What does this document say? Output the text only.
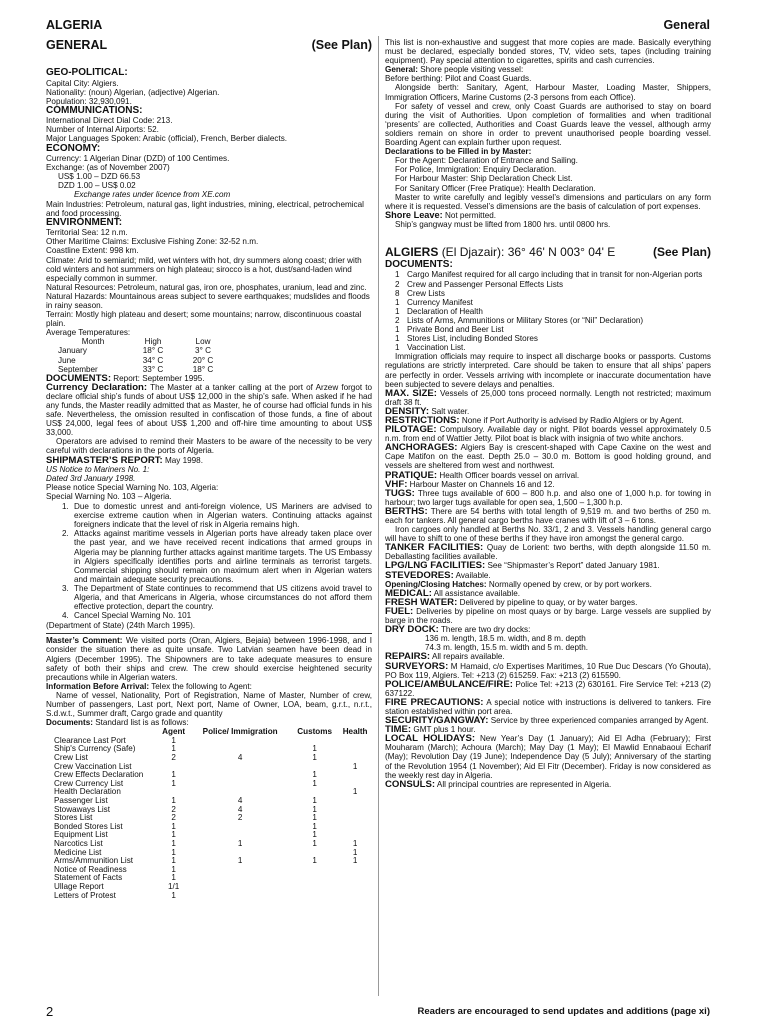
ALGERIA	General
GENERAL	(See Plan)
GEO-POLITICAL:

Capital City: Algiers.

Nationality: (noun) Algerian, (adjective) Algerian.

Population: 32,930,091.

COMMUNICATIONS:

International Direct Dial Code: 213.

Number of Internal Airports: 52.

Major Languages Spoken: Arabic (official), French, Berber dialects.

ECONOMY:

Currency: 1 Algerian Dinar (DZD) of 100 Centimes.

Exchange: (as of November 2007)

US$ 1.00 – DZD 66.53

DZD 1.00 – US$ 0.02

Exchange rates under licence from XE.com

Main Industries: Petroleum, natural gas, light industries, mining, electrical, petrochemical and food processing.

ENVIRONMENT:

Territorial Sea: 12 n.m.

Other Maritime Claims: Exclusive Fishing Zone: 32-52 n.m.

Coastline Extent: 998 km.

Climate: Arid to semiarid; mild, wet winters with hot, dry summers along coast; drier with cold winters and hot summers on high plateau; sirocco is a hot, dust/sand-laden wind especially common in summer.

Natural Resources: Petroleum, natural gas, iron ore, phosphates, uranium, lead and zinc.

Natural Hazards: Mountainous areas subject to severe earthquakes; mudslides and floods in rainy season.

Terrain: Mostly high plateau and desert; some mountains; narrow, discontinuous coastal plain.

Average Temperatures:

Month	High	Low
January	18° C	3° C
June	34° C	20° C
September	33° C	18° C

DOCUMENTS: Report: September 1995.

Currency Declaration: The Master at a tanker calling at the port of Arzew forgot to declare official ship’s funds of about US$ 12,000 in the ship’s safe. When asked if he had any funds, the Master readily admitted that as Master, he of course had official funds in his safe. Nevertheless, the omission resulted in confiscation of those funds, a fine of about US$ 24,000, legal fees of about US$ 1,200 and off-hire time amounting to about US$ 33,000.

Operators are advised to remind their Masters to be aware of the necessity to be very careful with declarations in the ports of Algeria.

SHIPMASTER’S REPORT: May 1998.

US Notice to Mariners No. 1:

Dated 3rd January 1998.

Please notice Special Warning No. 103, Algeria:

Special Warning No. 103 – Algeria.

1. Due to domestic unrest and anti-foreign violence, US Mariners are advised to exercise extreme caution when in Algerian waters. Continuing attacks against foreigners indicate that the level of risk in Algeria remains high.
2. Attacks against maritime vessels in Algerian ports have already taken place over the past year, and we have received recent indications that armed groups in Algeria may be planning further attacks against maritime targets. The US Embassy in Algiers specifically identifies ports and airline terminals as terrorist targets. Commercial shipping should remain on maximum alert when in Algerian waters and maintain adequate security precautions.
3. The Department of State continues to recommend that US citizens avoid travel to Algeria, and that Americans in Algeria, whose circumstances do not afford them effective protection, depart the country.
4. Cancel Special Warning No. 101

(Department of State) (24th March 1995).

Master’s Comment: We visited ports (Oran, Algiers, Bejaia) between 1996-1998, and I consider the situation there as quite unsafe. Two Latvian seamen have been dead in Algiers (December 1995). The Shipowners are to take adequate measures to ensure safety of both their ships and crew. The crew should exercise heightened security precautions while in Algerian waters.

Information Before Arrival: Telex the following to Agent:

Name of vessel, Nationality, Port of Registration, Name of Master, Number of crew, Number of passengers, Last port, Next port, Name of Owner, LOA, beam, g.r.t., n.r.t., S.d.w.t., Summer draft, Cargo grade and quantity

Documents: Standard list is as follows:

	Agent	Police/ Immigration	Customs	Health
Clearance Last Port	1			
Ship's Currency (Safe)	1		1	
Crew List	2	4	1	
Crew Vaccination List				1
Crew Effects Declaration	1		1	
Crew Currency List	1		1	
Health Declaration				1
Passenger List	1	4	1	
Stowaways List	2	4	1	
Stores List	2	2	1	
Bonded Stores List	1		1	
Equipment List	1		1	
Narcotics List	1	1	1	1
Medicine List	1			1
Arms/Ammunition List	1	1	1	1
Notice of Readiness	1			
Statement of Facts	1			
Ullage Report	1/1			
Letters of Protest	1			

This list is non-exhaustive and suggest that more copies are made. Basically everything must be declared, especially bonded stores, TV, video sets, tapes (including training equipment). Pay special attention to cigarettes, spirits and cash currencies.

General: Shore people visiting vessel:

Before berthing: Pilot and Coast Guards.

Alongside berth: Sanitary, Agent, Harbour Master, Loading Master, Shippers, Immigration Officers, Marine Customs (2-3 persons from each Office).

For safety of vessel and crew, only Coast Guards are authorised to stay on board during the visit of Authorities. Upon completion of formalities and when traditional ‘presents’ are collected, Authorities and Coast Guards leave the vessel, although army soldiers remain on shore in order to prevent unauthorised people boarding vessel. Boarding Agent can explain further upon request.

Declarations to be Filled in by Master:

For the Agent: Declaration of Entrance and Sailing.

For Police, Immigration: Enquiry Declaration.

For Harbour Master: Ship Declaration Check List.

For Sanitary Officer (Free Pratique): Health Declaration.

Master to write carefully and legibly vessel’s dimensions and particulars on any form where it is requested. Vessel’s dimensions are the basis of calculation of port expenses.

Shore Leave: Not permitted.

Ship’s gangway must be lifted from 1800 hrs. until 0800 hrs.

ALGIERS (El Djazair): 36° 46' N 003° 04' E	(See Plan)
DOCUMENTS:
1 Cargo Manifest required for all cargo including that in transit for non-Algerian ports
2 Crew and Passenger Personal Effects Lists
8 Crew Lists
1 Currency Manifest
1 Declaration of Health
2 Lists of Arms, Ammunitions or Military Stores (or “Nil” Declaration)
1 Private Bond and Beer List
1 Stores List, including Bonded Stores
1 Vaccination List.

Immigration officials may require to inspect all discharge books or passports. Customs regulations are strictly interpreted. Care should be taken to ensure that all ships’ papers are perfectly in order. Vessels arriving with incomplete or inaccurate documentation have been subjected to severe delays and penalties.

MAX. SIZE: Vessels of 25,000 tons proceed normally. Length not restricted; maximum draft 38 ft.

DENSITY: Salt water.

RESTRICTIONS: None if Port Authority is advised by Radio Algiers or by Agent.

PILOTAGE: Compulsory. Available day or night. Pilot boards vessel approximately 0.5 n.m. from end of Wattier Jetty. Pilot boat is black with insignia of two white anchors.

ANCHORAGES: Algiers Bay is crescent-shaped with Cape Caxine on the west and Cape Matifon on the east. Depth 25.0 – 30.0 m. Bottom is good holding ground, and vessels are sheltered from west and northwest.

PRATIQUE: Health Officer boards vessel on arrival.

VHF: Harbour Master on Channels 16 and 12.

TUGS: Three tugs available of 600 – 800 h.p. and also one of 1,000 h.p. for towing in harbour; two larger tugs available for open sea, 1,500 – 1,300 h.p.

BERTHS: There are 54 berths with total length of 9,519 m. and two berths of 250 m. each for tankers. All general cargo berths have cranes with lift of 3 – 6 tons.

Iron cargoes only handled at Berths No. 33/1, 2 and 3. Vessels handling general cargo will have to shift to one of these berths if they have iron amongst the general cargo.

TANKER FACILITIES: Quay de Lorient: two berths, with depth alongside 11.50 m. Deballasting facilities available.

LPG/LNG FACILITIES: See “Shipmaster’s Report” dated January 1981.

STEVEDORES: Available.

Opening/Closing Hatches: Normally opened by crew, or by port workers.

MEDICAL: All assistance available.

FRESH WATER: Delivered by pipeline to quay, or by water barges.

FUEL: Deliveries by pipeline on most quays or by barge. Large vessels are supplied by barge in the roads.

DRY DOCK: There are two dry docks:

136 m. length, 18.5 m. width, and 8 m. depth

74.3 m. length, 15.5 m. width and 5 m. depth.

REPAIRS: All repairs available.

SURVEYORS: M Hamaid, c/o Expertises Maritimes, 10 Rue Duc Descars (Yo Ghouta), PO Box 119, Algiers. Tel: +213 (2) 615259. Fax: +213 (2) 615590.

POLICE/AMBULANCE/FIRE: Police Tel: +213 (2) 630161. Fire Service Tel: +213 (2) 637122.

FIRE PRECAUTIONS: A special notice with instructions is delivered to tankers. Fire station established within port area.

SECURITY/GANGWAY: Service by three experienced companies arranged by Agent.

TIME: GMT plus 1 hour.

LOCAL HOLIDAYS: New Year’s Day (1 January); Aid El Adha (February); First Mouharam (March); Achoura (March); May Day (1 May); El Mawlid Ennabaoui Echarif (May); Revolution Day (19 June); Independence Day (5 July); Anniversary of the starting of the Revolution 1954 (1 November); Aid El Fitr (December). Friday is now considered as the weekly rest day in Algeria.

CONSULS: All principal countries are represented in Algeria.

2	Readers are encouraged to send updates and additions (page xi)
